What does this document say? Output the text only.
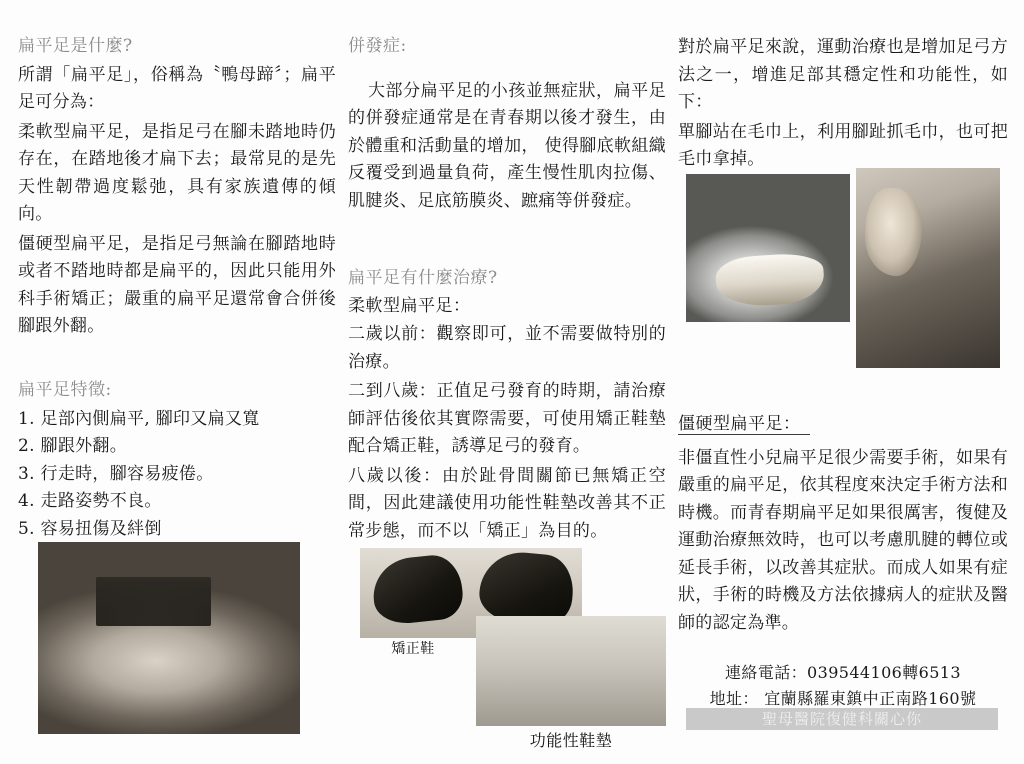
扁平足是什麼?

所謂「扁平足」，俗稱為〝鴨母蹄〞；扁平足可分為：

柔軟型扁平足，是指足弓在腳未踏地時仍存在，在踏地後才扁下去；最常見的是先天性韌帶過度鬆弛，具有家族遺傳的傾向。

僵硬型扁平足，是指足弓無論在腳踏地時或者不踏地時都是扁平的，因此只能用外科手術矯正；嚴重的扁平足還常會合併後腳跟外翻。

扁平足特徵:
1. 足部內側扁平, 腳印又扁又寬
2. 腳跟外翻。
3. 行走時，腳容易疲倦。
4. 走路姿勢不良。
5. 容易扭傷及絆倒
併發症:

大部分扁平足的小孩並無症狀，扁平足的併發症通常是在青春期以後才發生，由於體重和活動量的增加， 使得腳底軟組織反覆受到過量負荷，產生慢性肌肉拉傷、肌腱炎、足底筋膜炎、蹠痛等併發症。

扁平足有什麼治療?
柔軟型扁平足：

二歲以前：觀察即可，並不需要做特別的治療。

二到八歲：正值足弓發育的時期，請治療師評估後依其實際需要，可使用矯正鞋墊配合矯正鞋，誘導足弓的發育。

八歲以後：由於趾骨間關節已無矯正空間，因此建議使用功能性鞋墊改善其不正常步態，而不以「矯正」為目的。

矯正鞋
功能性鞋墊

對於扁平足來說，運動治療也是增加足弓方法之一，增進足部其穩定性和功能性，如下：

單腳站在毛巾上，利用腳趾抓毛巾，也可把毛巾拿掉。

僵硬型扁平足：

非僵直性小兒扁平足很少需要手術，如果有嚴重的扁平足，依其程度來決定手術方法和時機。而青春期扁平足如果很厲害，復健及運動治療無效時，也可以考慮肌腱的轉位或延長手術，以改善其症狀。而成人如果有症狀，手術的時機及方法依據病人的症狀及醫師的認定為準。

連絡電話：039544106轉6513
地址： 宜蘭縣羅東鎮中正南路160號
聖母醫院復健科關心你
